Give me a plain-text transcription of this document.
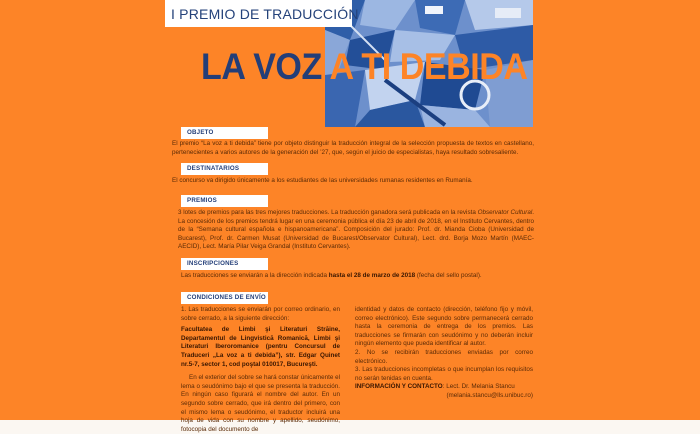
I PREMIO DE TRADUCCIÓN
LA VOZ A TI DEBIDA
OBJETO
El premio “La voz a ti debida” tiene por objeto distinguir la traducción integral de la selección propuesta de textos en castellano, pertenecientes a varios autores de la generación del ’27, que, según el juicio de especialistas, haya resultado sobresaliente.
DESTINATARIOS
El concurso va dirigido únicamente a los estudiantes de las universidades rumanas residentes en Rumanía.
PREMIOS
3 lotes de premios para las tres mejores traducciones. La traducción ganadora será publicada en la revista Observator Cultural. La concesión de los premios tendrá lugar en una ceremonia pública el día 23 de abril de 2018, en el Instituto Cervantes, dentro de la “Semana cultural española e hispanoamericana”. Composición del jurado: Prof. dr. Mianda Cioba (Universidad de Bucarest), Prof. dr. Carmen Musat (Universidad de Bucarest/Observator Cultural), Lect. drd. Borja Mozo Martín (MAEC-AECID), Lect. María Pilar Veiga Grandal (Instituto Cervantes).
INSCRIPCIONES
Las traducciones se enviarán a la dirección indicada hasta el 28 de marzo de 2018 (fecha del sello postal).
CONDICIONES DE ENVÍO
1. Las traducciones se enviarán por correo ordinario, en sobre cerrado, a la siguiente dirección:
Facultatea de Limbi şi Literaturi Străine, Departamentul de Lingvistică Romanică, Limbi şi Literaturi Iberoromanice (pentru Concursul de Traduceri „La voz a ti debida”), str. Edgar Quinet nr.5-7, sector 1, cod poştal 010017, Bucureşti.
En el exterior del sobre se hará constar únicamente el lema o seudónimo bajo el que se presenta la traducción. En ningún caso figurará el nombre del autor. En un segundo sobre cerrado, que irá dentro del primero, con el mismo lema o seudónimo, el traductor incluirá una hoja de vida con su nombre y apellido, seudónimo, fotocopia del documento de
identidad y datos de contacto (dirección, teléfono fijo y móvil, correo electrónico). Este segundo sobre permanecerá cerrado hasta la ceremonia de entrega de los premios. Las traducciones se firmarán con seudónimo y no deberán incluir ningún elemento que pueda identificar al autor.
2. No se recibirán traducciones enviadas por correo electrónico.
3. Las traducciones incompletas o que incumplan los requisitos no serán tenidas en cuenta.
INFORMACIÓN Y CONTACTO: Lect. Dr. Melania Stancu
(melania.stancu@lls.unibuc.ro)
